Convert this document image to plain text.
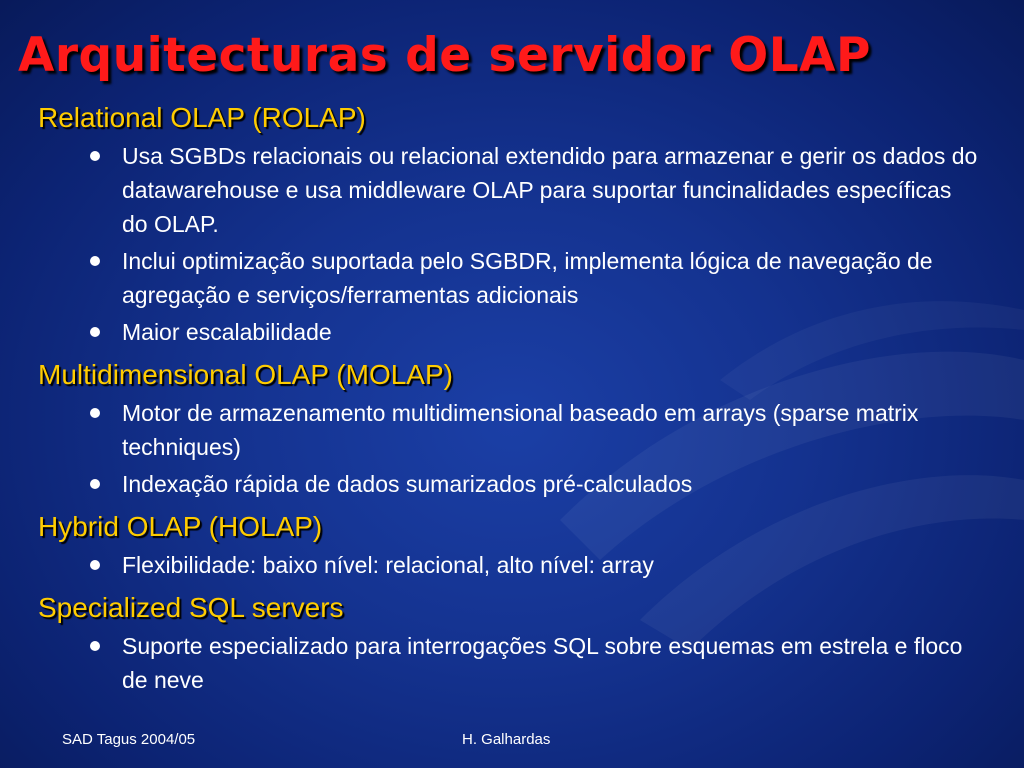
Arquitecturas de servidor OLAP
Relational OLAP (ROLAP)
Usa SGBDs relacionais ou relacional extendido para armazenar e gerir os dados do datawarehouse e usa middleware OLAP para suportar funcinalidades específicas do OLAP.
Inclui optimização suportada pelo SGBDR, implementa lógica de navegação de agregação e serviços/ferramentas adicionais
Maior escalabilidade
Multidimensional OLAP (MOLAP)
Motor de armazenamento multidimensional baseado em arrays (sparse matrix techniques)
Indexação rápida de dados sumarizados pré-calculados
Hybrid OLAP (HOLAP)
Flexibilidade: baixo nível: relacional, alto nível: array
Specialized SQL servers
Suporte especializado para interrogações SQL sobre esquemas em estrela e floco de neve
SAD Tagus 2004/05	H. Galhardas
